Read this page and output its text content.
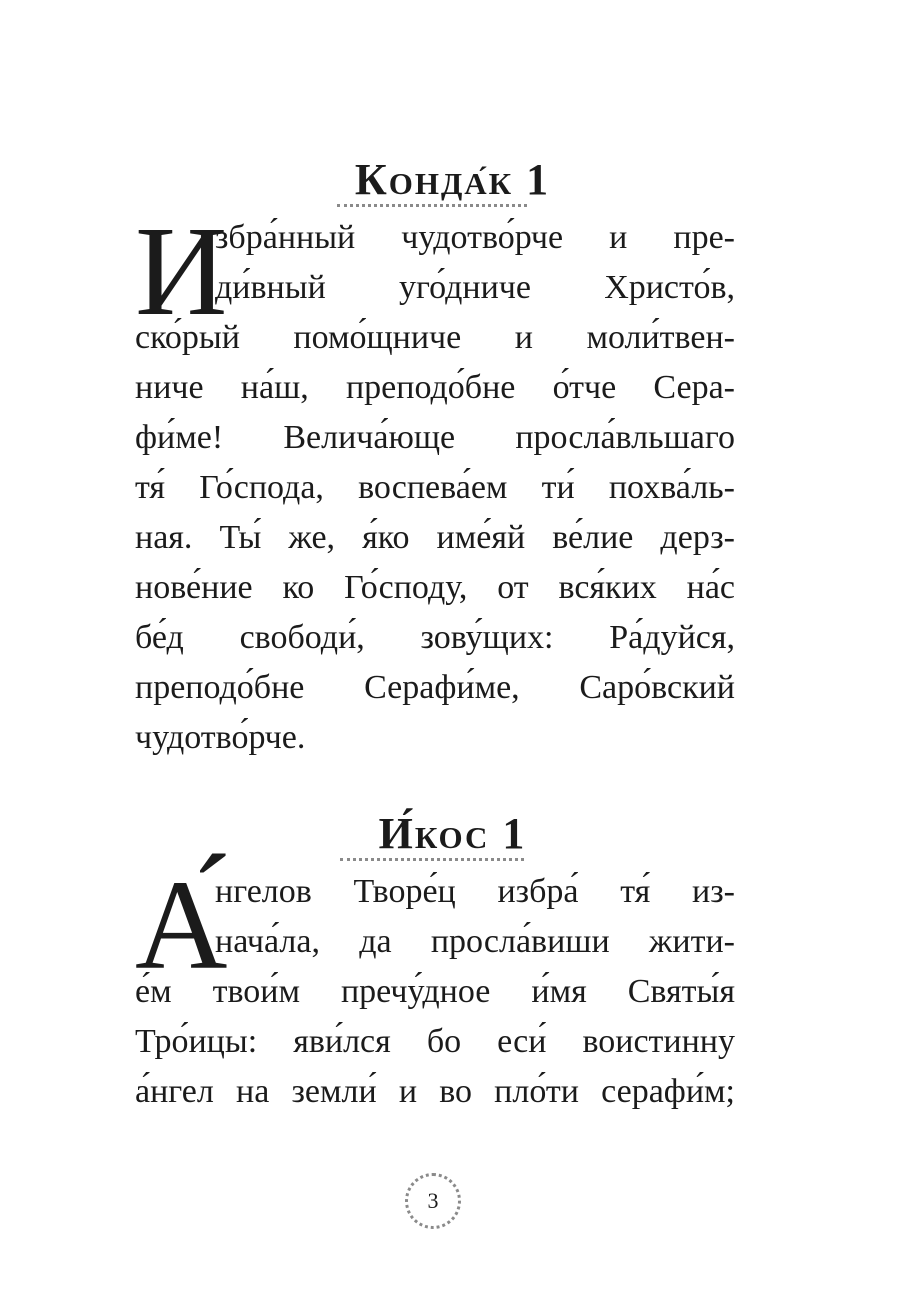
Конда́к 1
И
збра́нный чудотво́рче и пре-
ди́вный уго́дниче Христо́в,
ско́рый помо́щниче и моли́твен-
ниче на́ш, преподо́бне о́тче Сера-
фи́ме! Велича́юще просла́вльшаго
тя́ Го́спода, воспева́ем ти́ похва́ль-
ная. Ты́ же, я́ко име́яй ве́лие дерз-
нове́ние ко Го́споду, от вся́ких на́с
бе́д свободи́, зову́щих: Ра́дуйся,
преподо́бне Серафи́ме, Саро́вский
чудотво́рче.
И́кос 1
А́
нгелов Творе́ц избра́ тя́ из-
нача́ла, да просла́виши жити-
е́м твои́м пречу́дное и́мя Святы́я
Тро́ицы: яви́лся бо еси́ воистинну
а́нгел на земли́ и во пло́ти серафи́м;
3
